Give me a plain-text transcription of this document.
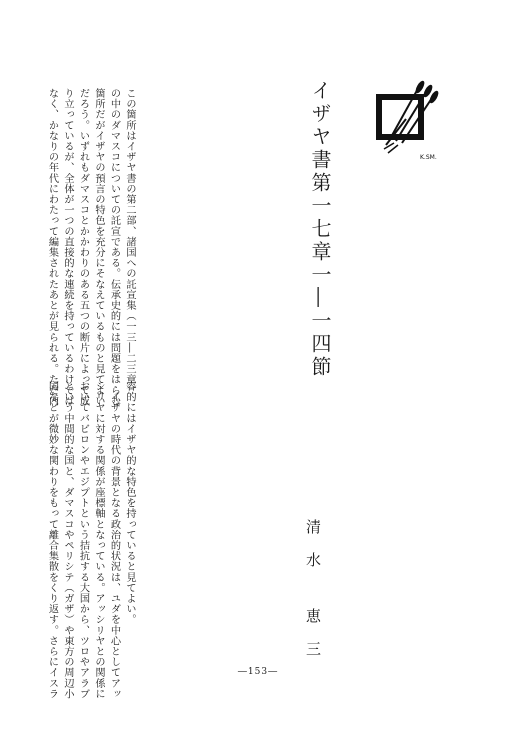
イザヤ書第一七章一―一四節	K.SM.
この箇所はイザヤ書の第二部、諸国への託宣集（一三―二三章）
の中のダマスコについての託宣である。伝承史的には問題をはらむ
箇所だがイザヤの預言の特色を充分にそなえているものと見てよい
だろう。いずれもダマスコとかかわりのある五つの断片によって成
り立っているが、全体が一つの直接的な連続を持っているわけでは
なく、かなりの年代にわたって編集されたあとが見られる。ただ内
清水 恵三
容的にはイザヤ的な特色を持っていると見てよい。
　イザヤの時代の背景となる政治的状況は、ユダを中心としてアッ
シリヤに対する関係が座標軸となっている。アッシリヤとの関係に
おいてバビロンやエジプトという拮抗する大国から、ツロやアラブ
という中間的な国と、ダマスコやペリシテ（ガザ）や東方の周辺小
国などが微妙な関わりをもって離合集散をくり返す。さらにイスラ	―153―
